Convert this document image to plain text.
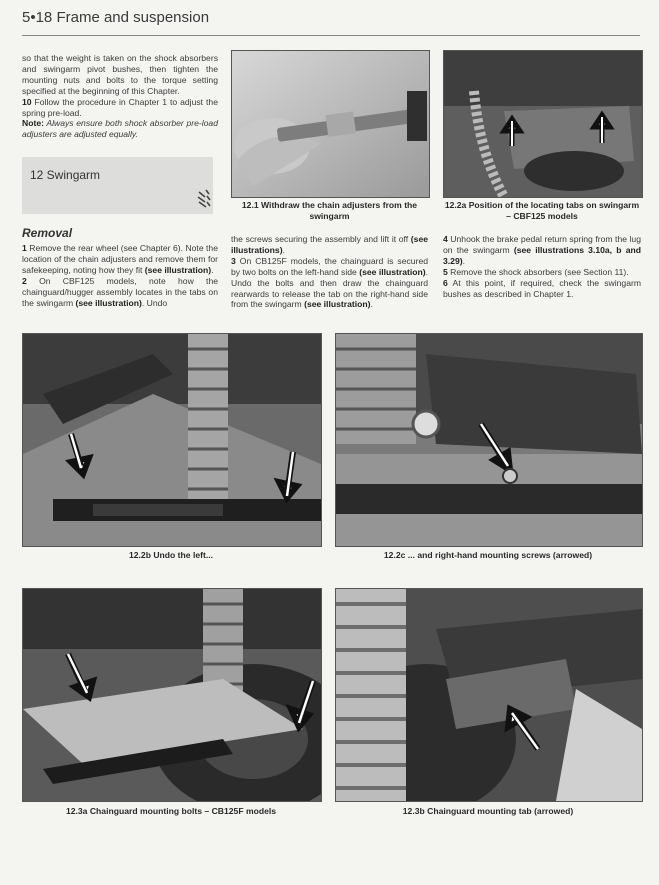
5•18 Frame and suspension

so that the weight is taken on the shock absorbers and swingarm pivot bushes, then tighten the mounting nuts and bolts to the torque setting specified at the beginning of this Chapter.

10 Follow the procedure in Chapter 1 to adjust the spring pre-load.

Note: Always ensure both shock absorber pre-load adjusters are adjusted equally.

12 Swingarm
Removal

1 Remove the rear wheel (see Chapter 6). Note the location of the chain adjusters and remove them for safekeeping, noting how they fit (see illustration).

2 On CBF125 models, note how the chainguard/hugger assembly locates in the tabs on the swingarm (see illustration). Undo

12.1 Withdraw the chain adjusters from the swingarm
12.2a Position of the locating tabs on swingarm – CBF125 models

the screws securing the assembly and lift it off (see illustrations).

3 On CB125F models, the chainguard is secured by two bolts on the left-hand side (see illustration). Undo the bolts and then draw the chainguard rearwards to release the tab on the right-hand side from the swingarm (see illustration).

4 Unhook the brake pedal return spring from the lug on the swingarm (see illustrations 3.10a, b and 3.29).

5 Remove the shock absorbers (see Section 11).

6 At this point, if required, check the swingarm bushes as described in Chapter 1.

12.2b Undo the left...	12.2c ... and right-hand mounting screws (arrowed)
12.3a Chainguard mounting bolts – CB125F models	12.3b Chainguard mounting tab (arrowed)
